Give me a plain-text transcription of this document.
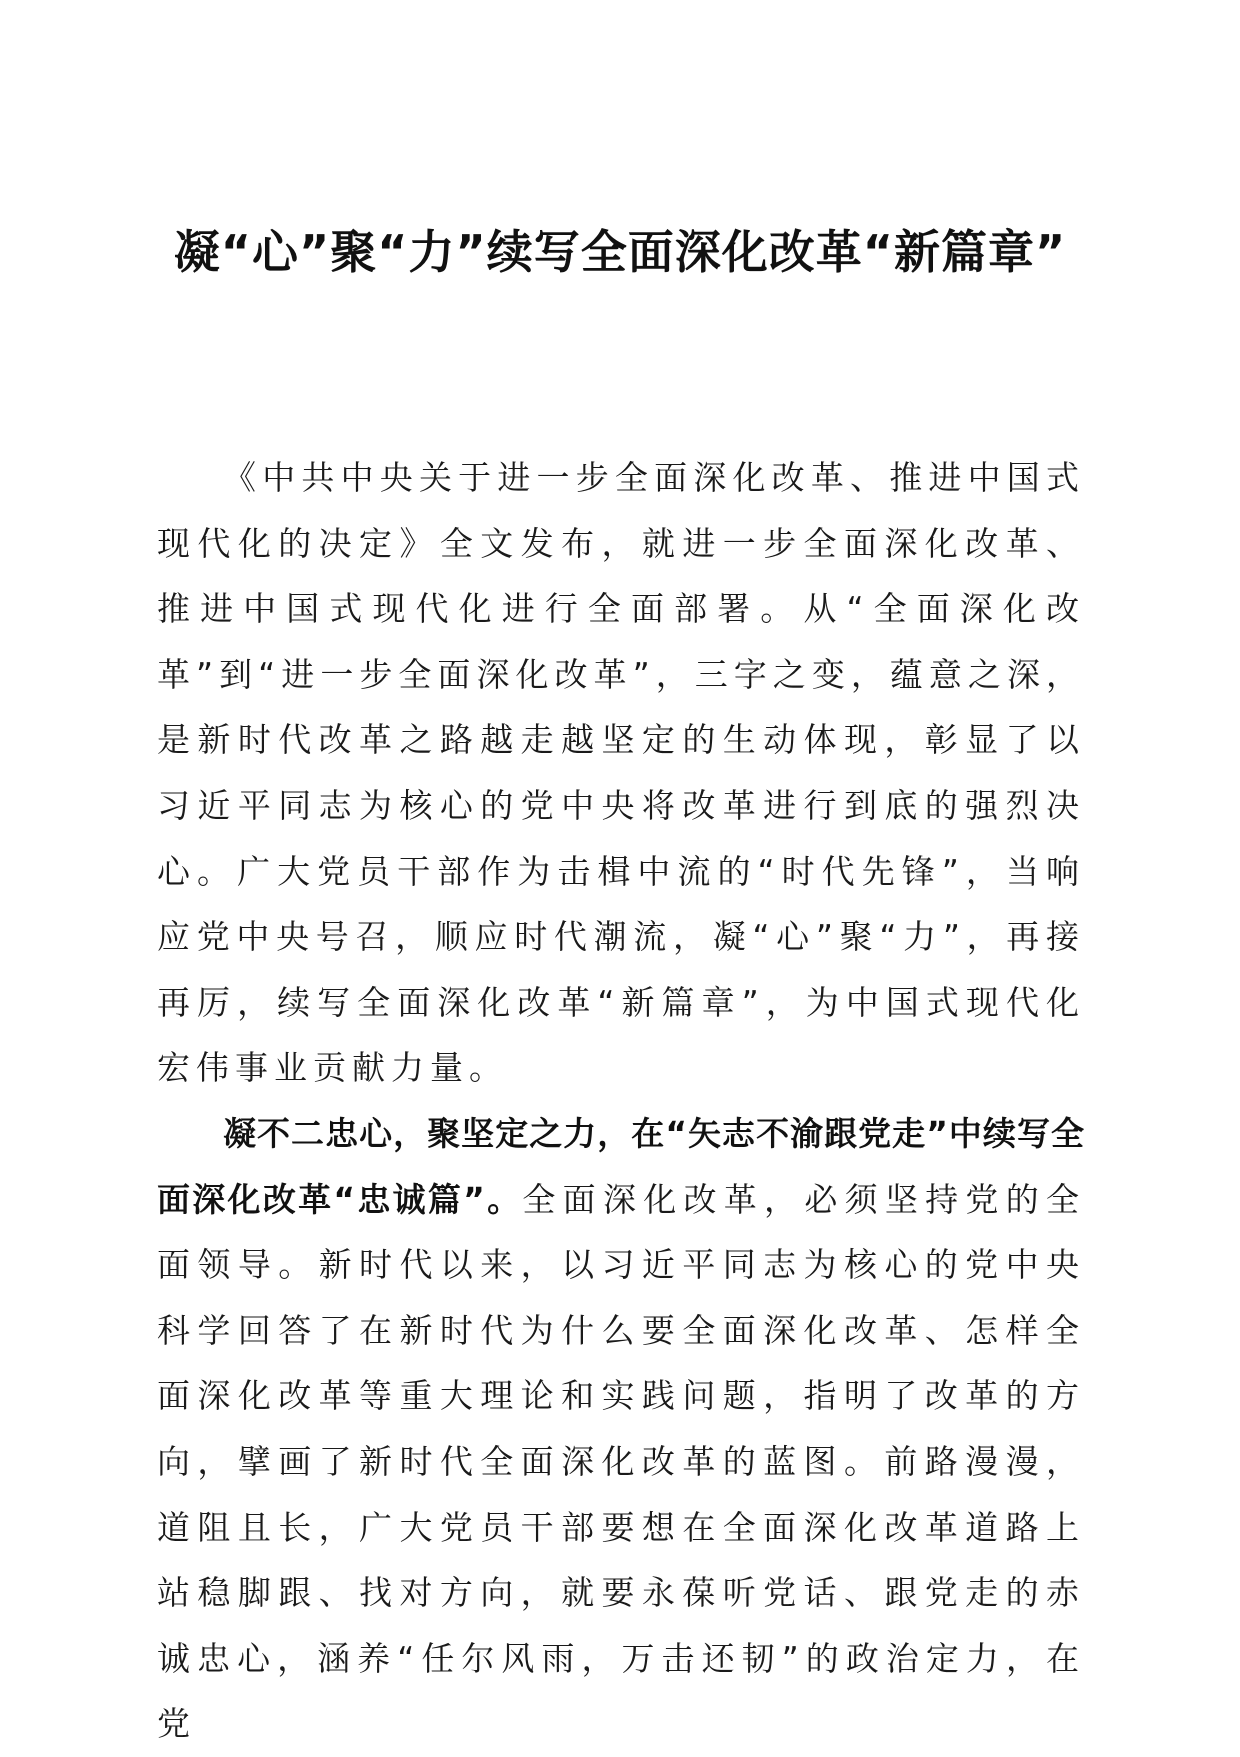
凝“心”聚“力”续写全面深化改革“新篇章”

《中共中央关于进一步全面深化改革、推进中国式现代化的决定》全文发布，就进一步全面深化改革、推进中国式现代化进行全面部署。从“全面深化改革”到“进一步全面深化改革”，三字之变，蕴意之深，是新时代改革之路越走越坚定的生动体现，彰显了以习近平同志为核心的党中央将改革进行到底的强烈决心。广大党员干部作为击楫中流的“时代先锋”，当响应党中央号召，顺应时代潮流，凝“心”聚“力”，再接再厉，续写全面深化改革“新篇章”，为中国式现代化宏伟事业贡献力量。

凝不二忠心，聚坚定之力，在“矢志不渝跟党走”中续写全面深化改革“忠诚篇”。全面深化改革，必须坚持党的全面领导。新时代以来，以习近平同志为核心的党中央科学回答了在新时代为什么要全面深化改革、怎样全面深化改革等重大理论和实践问题，指明了改革的方向，擘画了新时代全面深化改革的蓝图。前路漫漫，道阻且长，广大党员干部要想在全面深化改革道路上站稳脚跟、找对方向，就要永葆听党话、跟党走的赤诚忠心，涵养“任尔风雨，万击还韧”的政治定力，在党
